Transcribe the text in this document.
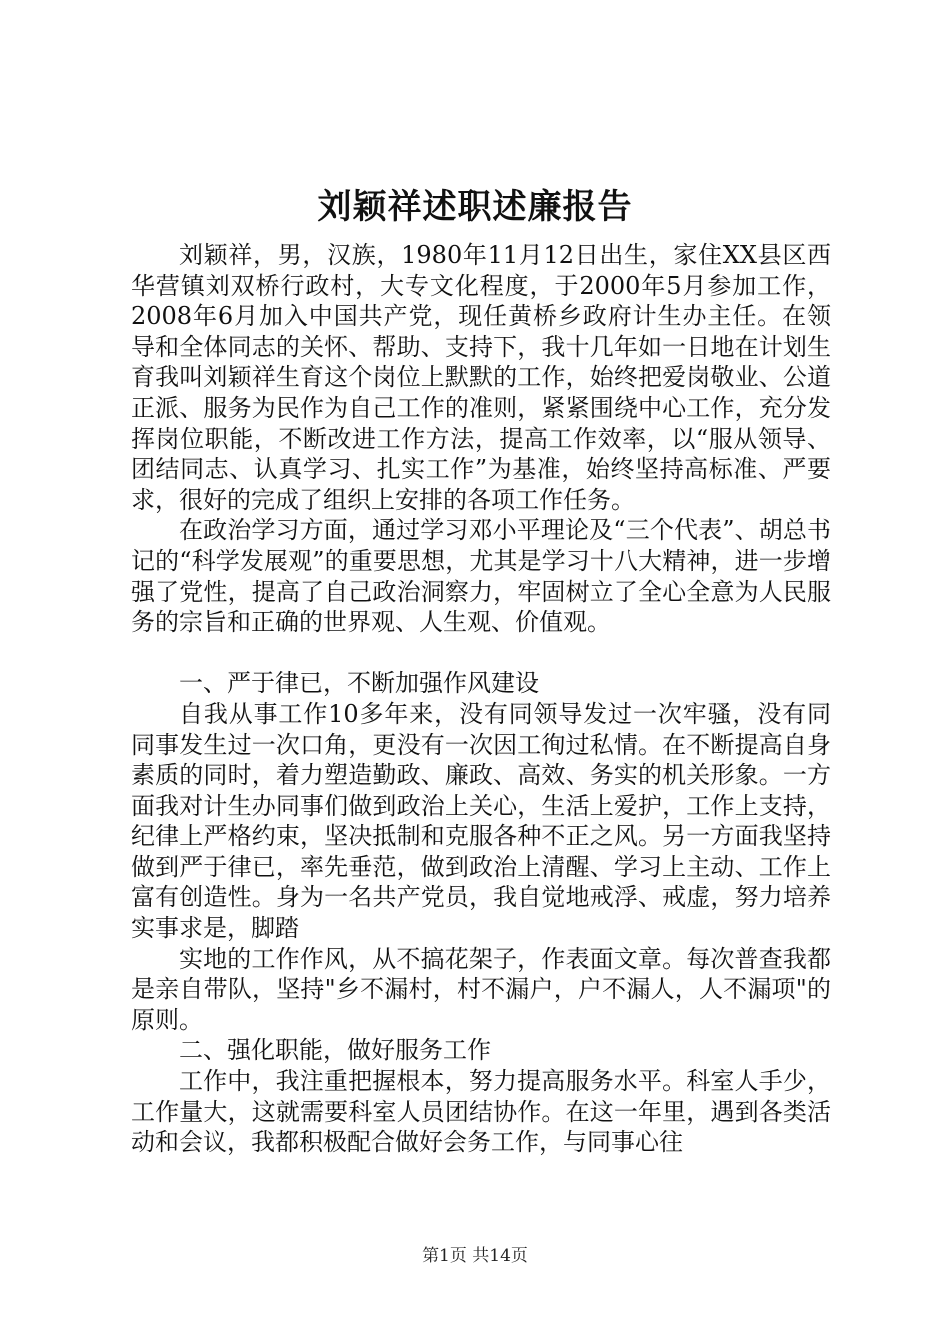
刘颖祥述职述廉报告

刘颖祥，男，汉族，1980年11月12日出生，家住XX县区西华营镇刘双桥行政村，大专文化程度，于2000年5月参加工作，2008年6月加入中国共产党，现任黄桥乡政府计生办主任。在领导和全体同志的关怀、帮助、支持下，我十几年如一日地在计划生育我叫刘颖祥生育这个岗位上默默的工作，始终把爱岗敬业、公道正派、服务为民作为自己工作的准则，紧紧围绕中心工作，充分发挥岗位职能，不断改进工作方法，提高工作效率，以“服从领导、团结同志、认真学习、扎实工作”为基准，始终坚持高标准、严要求，很好的完成了组织上安排的各项工作任务。

在政治学习方面，通过学习邓小平理论及“三个代表”、胡总书记的“科学发展观”的重要思想，尤其是学习十八大精神，进一步增强了党性，提高了自己政治洞察力，牢固树立了全心全意为人民服务的宗旨和正确的世界观、人生观、价值观。

一、严于律已，不断加强作风建设

自我从事工作10多年来，没有同领导发过一次牢骚，没有同同事发生过一次口角，更没有一次因工徇过私情。在不断提高自身素质的同时，着力塑造勤政、廉政、高效、务实的机关形象。一方面我对计生办同事们做到政治上关心，生活上爱护，工作上支持，纪律上严格约束，坚决抵制和克服各种不正之风。另一方面我坚持做到严于律已，率先垂范，做到政治上清醒、学习上主动、工作上富有创造性。身为一名共产党员，我自觉地戒浮、戒虚，努力培养实事求是，脚踏

实地的工作作风，从不搞花架子，作表面文章。每次普查我都是亲自带队，坚持"乡不漏村，村不漏户，户不漏人，人不漏项"的原则。

二、强化职能，做好服务工作

工作中，我注重把握根本，努力提高服务水平。科室人手少，工作量大，这就需要科室人员团结协作。在这一年里，遇到各类活动和会议，我都积极配合做好会务工作，与同事心往

第1页 共14页
